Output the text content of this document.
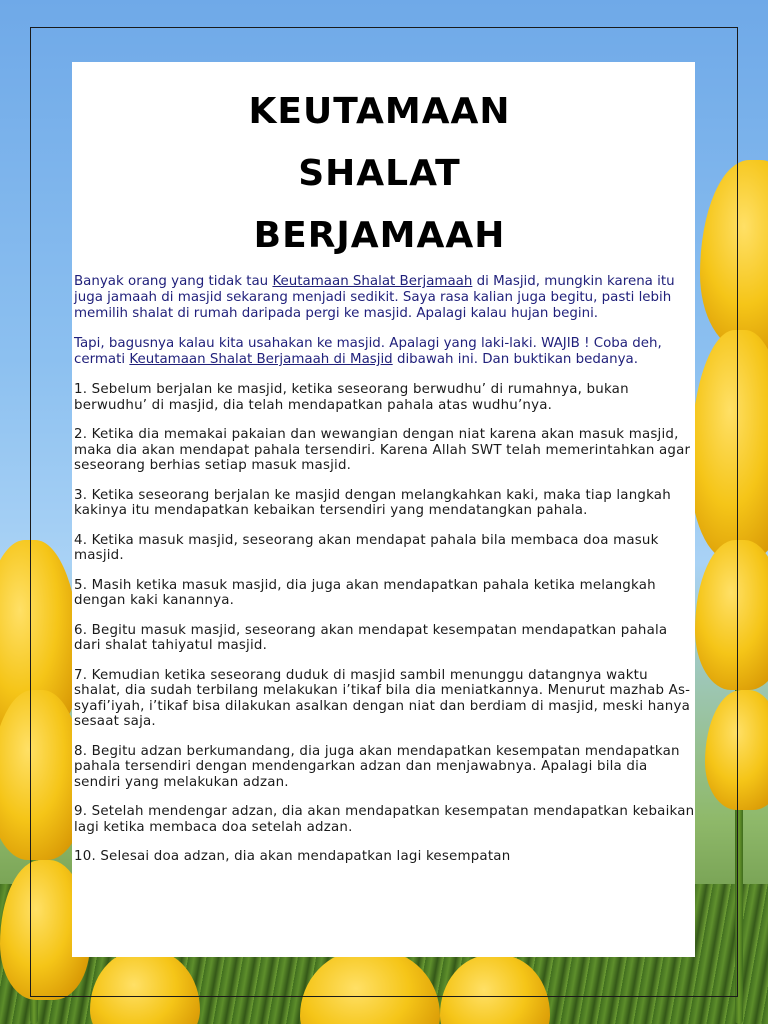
KEUTAMAAN
SHALAT
BERJAMAAH

Banyak orang yang tidak tau Keutamaan Shalat Berjamaah di Masjid, mungkin karena itu juga jamaah di masjid sekarang menjadi sedikit. Saya rasa kalian juga begitu, pasti lebih memilih shalat di rumah daripada pergi ke masjid. Apalagi kalau hujan begini.

Tapi, bagusnya kalau kita usahakan ke masjid. Apalagi yang laki-laki. WAJIB ! Coba deh, cermati Keutamaan Shalat Berjamaah di Masjid dibawah ini. Dan buktikan bedanya.

1. Sebelum berjalan ke masjid, ketika seseorang berwudhu’ di rumahnya, bukan berwudhu’ di masjid, dia telah mendapatkan pahala atas wudhu’nya.

2. Ketika dia memakai pakaian dan wewangian dengan niat karena akan masuk masjid, maka dia akan mendapat pahala tersendiri. Karena Allah SWT telah memerintahkan agar seseorang berhias setiap masuk masjid.

3. Ketika seseorang berjalan ke masjid dengan melangkahkan kaki, maka tiap langkah kakinya itu mendapatkan kebaikan tersendiri yang mendatangkan pahala.

4. Ketika masuk masjid, seseorang akan mendapat pahala bila membaca doa masuk masjid.

5. Masih ketika masuk masjid, dia juga akan mendapatkan pahala ketika melangkah dengan kaki kanannya.

6. Begitu masuk masjid, seseorang akan mendapat kesempatan mendapatkan pahala dari shalat tahiyatul masjid.

7. Kemudian ketika seseorang duduk di masjid sambil menunggu datangnya waktu shalat, dia sudah terbilang melakukan i’tikaf bila dia meniatkannya. Menurut mazhab As-syafi’iyah, i’tikaf bisa dilakukan asalkan dengan niat dan berdiam di masjid, meski hanya sesaat saja.

8. Begitu adzan berkumandang, dia juga akan mendapatkan kesempatan mendapatkan pahala tersendiri dengan mendengarkan adzan dan menjawabnya. Apalagi bila dia sendiri yang melakukan adzan.

9. Setelah mendengar adzan, dia akan mendapatkan kesempatan mendapatkan kebaikan lagi ketika membaca doa setelah adzan.

10. Selesai doa adzan, dia akan mendapatkan lagi kesempatan
